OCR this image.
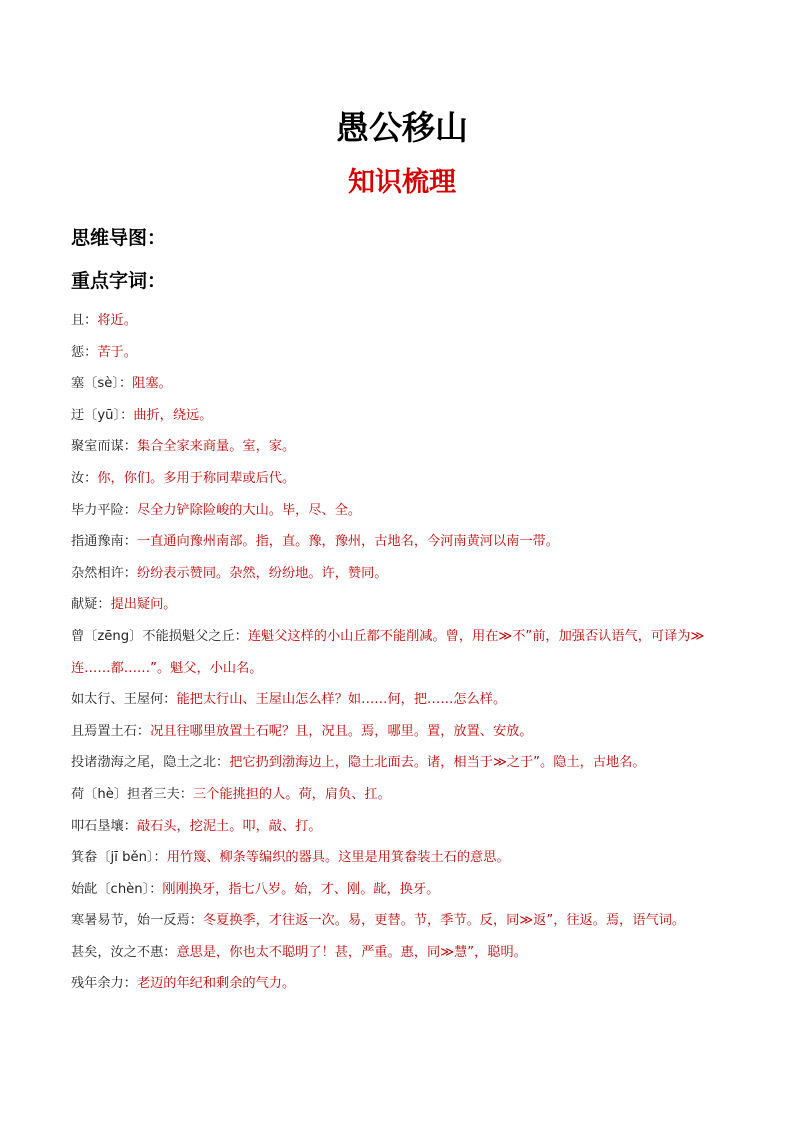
愚公移山
知识梳理
思维导图：
重点字词：
且：将近。
惩：苦于。
塞〔sè〕：阻塞。
迂〔yū〕：曲折，绕远。
聚室而谋：集合全家来商量。室，家。
汝：你，你们。多用于称同辈或后代。
毕力平险：尽全力铲除险峻的大山。毕，尽、全。
指通豫南：一直通向豫州南部。指，直。豫，豫州，古地名，今河南黄河以南一带。
杂然相许：纷纷表示赞同。杂然，纷纷地。许，赞同。
献疑：提出疑问。
曾〔zēng〕不能损魁父之丘：连魁父这样的小山丘都不能削减。曾，用在≫不”前，加强否认语气，可译为≫连……都……”。魁父，小山名。
如太行、王屋何：能把太行山、王屋山怎么样？如……何，把……怎么样。
且焉置土石：况且往哪里放置土石呢？且，况且。焉，哪里。置，放置、安放。
投诸渤海之尾，隐土之北：把它扔到渤海边上，隐土北面去。诸，相当于≫之于”。隐土，古地名。
荷〔hè〕担者三夫：三个能挑担的人。荷，肩负、扛。
叩石垦壤：敲石头，挖泥土。叩，敲、打。
箕畚〔jī běn〕：用竹篾、柳条等编织的器具。这里是用箕畚装土石的意思。
始龀〔chèn〕：刚刚换牙，指七八岁。始，才、刚。龀，换牙。
寒暑易节，始一反焉：冬夏换季，才往返一次。易，更替。节，季节。反，同≫返”，往返。焉，语气词。
甚矣，汝之不惠：意思是，你也太不聪明了！甚，严重。惠，同≫慧”，聪明。
残年余力：老迈的年纪和剩余的气力。
